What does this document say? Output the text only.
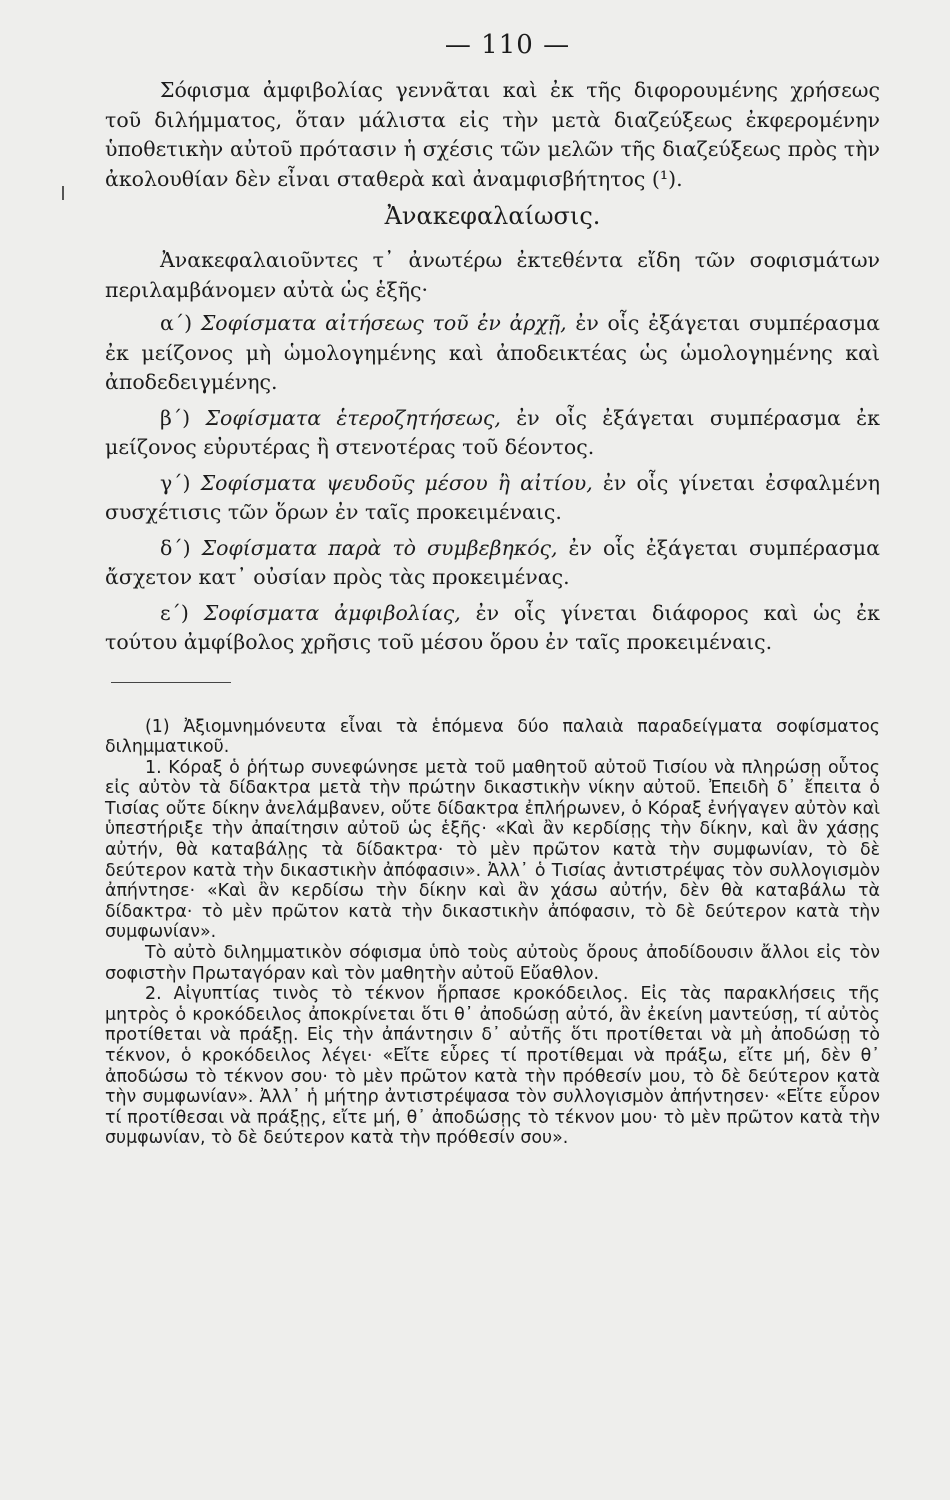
— 110 —

Σόφισμα ἀμφιβολίας γεννᾶται καὶ ἐκ τῆς διφορουμένης χρήσεως τοῦ διλήμματος, ὅταν μάλιστα εἰς τὴν μετὰ διαζεύξεως ἐκφερομένην ὑποθετικὴν αὐτοῦ πρότασιν ἡ σχέσις τῶν μελῶν τῆς διαζεύξεως πρὸς τὴν ἀκολουθίαν δὲν εἶναι σταθερὰ καὶ ἀναμφισβήτητος (¹).

Ἀνακεφαλαίωσις.

Ἀνακεφαλαιοῦντες τ᾿ ἀνωτέρω ἐκτεθέντα εἴδη τῶν σοφισμάτων περιλαμβάνομεν αὐτὰ ὡς ἑξῆς·

α΄) Σοφίσματα αἰτήσεως τοῦ ἐν ἀρχῇ, ἐν οἷς ἐξάγεται συμπέρασμα ἐκ μείζονος μὴ ὡμολογημένης καὶ ἀποδεικτέας ὡς ὡμολογημένης καὶ ἀποδεδειγμένης.

β΄) Σοφίσματα ἑτεροζητήσεως, ἐν οἷς ἐξάγεται συμπέρασμα ἐκ μείζονος εὐρυτέρας ἢ στενοτέρας τοῦ δέοντος.

γ΄) Σοφίσματα ψευδοῦς μέσου ἢ αἰτίου, ἐν οἷς γίνεται ἐσφαλμένη συσχέτισις τῶν ὅρων ἐν ταῖς προκειμέναις.

δ΄) Σοφίσματα παρὰ τὸ συμβεβηκός, ἐν οἷς ἐξάγεται συμπέρασμα ἄσχετον κατ᾿ οὐσίαν πρὸς τὰς προκειμένας.

ε΄) Σοφίσματα ἀμφιβολίας, ἐν οἷς γίνεται διάφορος καὶ ὡς ἐκ τούτου ἀμφίβολος χρῆσις τοῦ μέσου ὅρου ἐν ταῖς προκειμέναις.

(1) Ἀξιομνημόνευτα εἶναι τὰ ἑπόμενα δύο παλαιὰ παραδείγματα σοφίσματος διλημματικοῦ.

1. Κόραξ ὁ ῥήτωρ συνεφώνησε μετὰ τοῦ μαθητοῦ αὐτοῦ Τισίου νὰ πληρώσῃ οὗτος εἰς αὐτὸν τὰ δίδακτρα μετὰ τὴν πρώτην δικαστικὴν νίκην αὐτοῦ. Ἐπειδὴ δ᾿ ἔπειτα ὁ Τισίας οὔτε δίκην ἀνελάμβανεν, οὔτε δίδακτρα ἐπλήρωνεν, ὁ Κόραξ ἐνήγαγεν αὐτὸν καὶ ὑπεστήριξε τὴν ἀπαίτησιν αὐτοῦ ὡς ἑξῆς· «Καὶ ἂν κερδίσῃς τὴν δίκην, καὶ ἂν χάσῃς αὐτήν, θὰ καταβάλῃς τὰ δίδακτρα· τὸ μὲν πρῶτον κατὰ τὴν συμφωνίαν, τὸ δὲ δεύτερον κατὰ τὴν δικαστικὴν ἀπόφασιν». Ἀλλ᾿ ὁ Τισίας ἀντιστρέψας τὸν συλλογισμὸν ἀπήντησε· «Καὶ ἂν κερδίσω τὴν δίκην καὶ ἂν χάσω αὐτήν, δὲν θὰ καταβάλω τὰ δίδακτρα· τὸ μὲν πρῶτον κατὰ τὴν δικαστικὴν ἀπόφασιν, τὸ δὲ δεύτερον κατὰ τὴν συμφωνίαν».

Τὸ αὐτὸ διλημματικὸν σόφισμα ὑπὸ τοὺς αὐτοὺς ὅρους ἀποδίδουσιν ἄλλοι εἰς τὸν σοφιστὴν Πρωταγόραν καὶ τὸν μαθητὴν αὐτοῦ Εὔαθλον.

2. Αἰγυπτίας τινὸς τὸ τέκνον ἥρπασε κροκόδειλος. Εἰς τὰς παρακλήσεις τῆς μητρὸς ὁ κροκόδειλος ἀποκρίνεται ὅτι θ᾿ ἀποδώσῃ αὐτό, ἂν ἐκείνη μαντεύσῃ, τί αὐτὸς προτίθεται νὰ πράξῃ. Εἰς τὴν ἀπάντησιν δ᾿ αὐτῆς ὅτι προτίθεται νὰ μὴ ἀποδώσῃ τὸ τέκνον, ὁ κροκόδειλος λέγει· «Εἴτε εὗρες τί προτίθεμαι νὰ πράξω, εἴτε μή, δὲν θ᾿ ἀποδώσω τὸ τέκνον σου· τὸ μὲν πρῶτον κατὰ τὴν πρόθεσίν μου, τὸ δὲ δεύτερον κατὰ τὴν συμφωνίαν». Ἀλλ᾿ ἡ μήτηρ ἀντιστρέψασα τὸν συλλογισμὸν ἀπήντησεν· «Εἴτε εὗρον τί προτίθεσαι νὰ πράξῃς, εἴτε μή, θ᾿ ἀποδώσῃς τὸ τέκνον μου· τὸ μὲν πρῶτον κατὰ τὴν συμφωνίαν, τὸ δὲ δεύτερον κατὰ τὴν πρόθεσίν σου».
